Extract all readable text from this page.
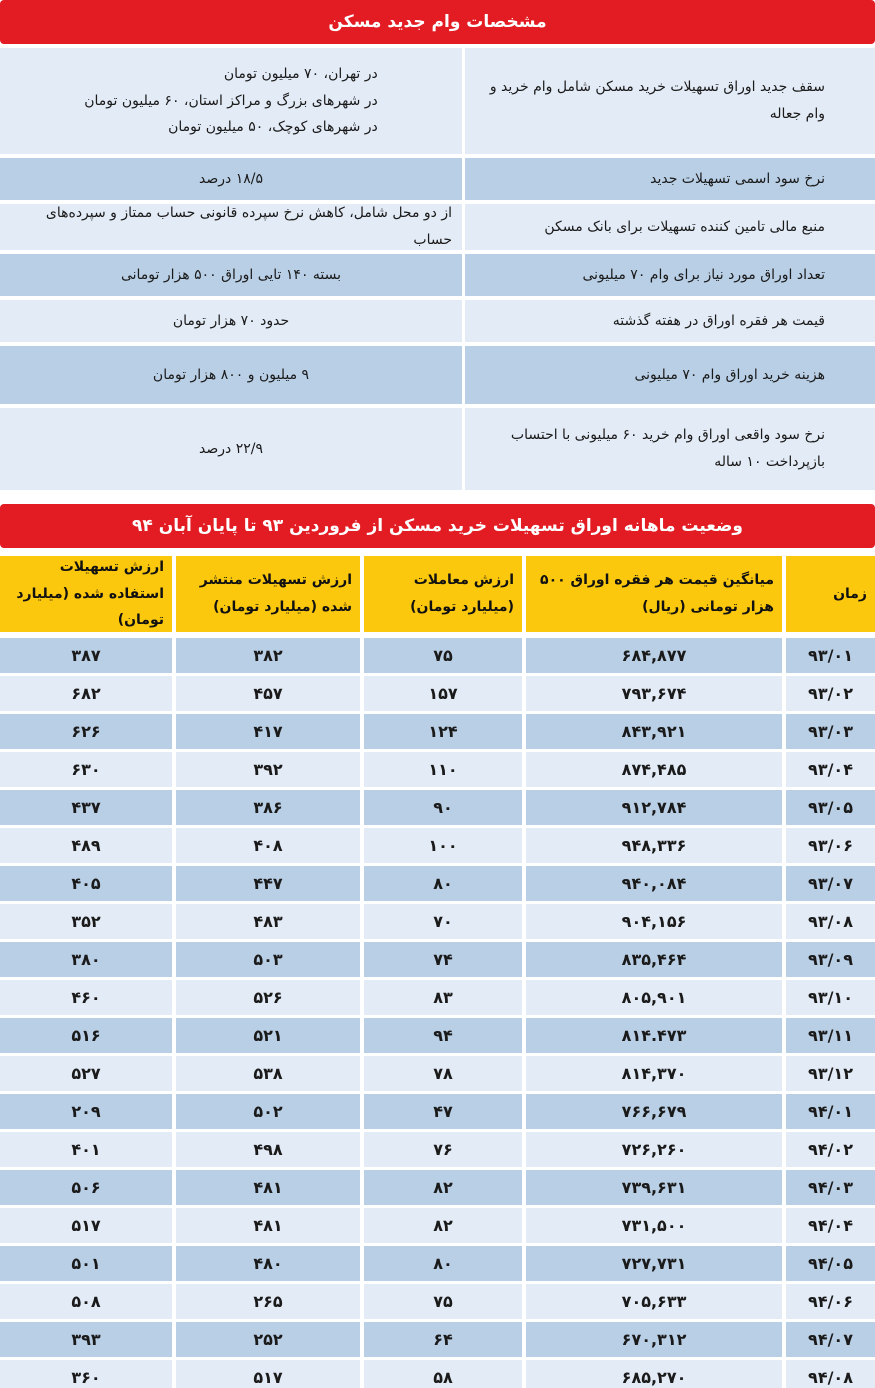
مشخصات وام جدید مسکن
سقف جدید اوراق تسهیلات خرید مسکن شامل وام خرید و وام جعاله
در تهران، ۷۰ میلیون تومان
در شهرهای بزرگ و مراکز استان، ۶۰ میلیون تومان
در شهرهای کوچک، ۵۰ میلیون تومان
نرخ سود اسمی تسهیلات جدید
۱۸/۵ درصد
منبع مالی تامین کننده تسهیلات برای بانک مسکن
از دو محل شامل، کاهش نرخ سپرده قانونی حساب ممتاز و سپرده‌های حساب
تعداد اوراق مورد نیاز برای وام ۷۰ میلیونی
بسته ۱۴۰ تایی اوراق ۵۰۰ هزار تومانی
قیمت هر فقره اوراق در هفته گذشته
حدود ۷۰ هزار تومان
هزینه خرید اوراق وام ۷۰ میلیونی
۹ میلیون و ۸۰۰ هزار تومان
نرخ سود واقعی اوراق وام خرید ۶۰ میلیونی با احتساب بازپرداخت ۱۰ ساله
۲۲/۹ درصد
وضعیت ماهانه اوراق تسهیلات خرید مسکن از فروردین ۹۳ تا پایان آبان ۹۴
زمان
میانگین قیمت هر فقره اوراق ۵۰۰ هزار تومانی (ریال)
ارزش معاملات (میلیارد تومان)
ارزش تسهیلات منتشر شده (میلیارد تومان)
ارزش تسهیلات استفاده شده (میلیارد تومان)
۹۳/۰۱
۶۸۴,۸۷۷
۷۵
۳۸۲
۳۸۷
۹۳/۰۲
۷۹۳,۶۷۴
۱۵۷
۴۵۷
۶۸۲
۹۳/۰۳
۸۴۳,۹۲۱
۱۲۴
۴۱۷
۶۲۶
۹۳/۰۴
۸۷۴,۴۸۵
۱۱۰
۳۹۲
۶۳۰
۹۳/۰۵
۹۱۲,۷۸۴
۹۰
۳۸۶
۴۳۷
۹۳/۰۶
۹۴۸,۳۳۶
۱۰۰
۴۰۸
۴۸۹
۹۳/۰۷
۹۴۰,۰۸۴
۸۰
۴۴۷
۴۰۵
۹۳/۰۸
۹۰۴,۱۵۶
۷۰
۴۸۳
۳۵۲
۹۳/۰۹
۸۳۵,۴۶۴
۷۴
۵۰۳
۳۸۰
۹۳/۱۰
۸۰۵,۹۰۱
۸۳
۵۲۶
۴۶۰
۹۳/۱۱
۸۱۴.۴۷۳
۹۴
۵۲۱
۵۱۶
۹۳/۱۲
۸۱۴,۳۷۰
۷۸
۵۳۸
۵۲۷
۹۴/۰۱
۷۶۶,۶۷۹
۴۷
۵۰۲
۲۰۹
۹۴/۰۲
۷۲۶,۲۶۰
۷۶
۴۹۸
۴۰۱
۹۴/۰۳
۷۳۹,۶۳۱
۸۲
۴۸۱
۵۰۶
۹۴/۰۴
۷۳۱,۵۰۰
۸۲
۴۸۱
۵۱۷
۹۴/۰۵
۷۲۷,۷۳۱
۸۰
۴۸۰
۵۰۱
۹۴/۰۶
۷۰۵,۶۳۳
۷۵
۲۶۵
۵۰۸
۹۴/۰۷
۶۷۰,۳۱۲
۶۴
۲۵۲
۳۹۳
۹۴/۰۸
۶۸۵,۲۷۰
۵۸
۵۱۷
۳۶۰
